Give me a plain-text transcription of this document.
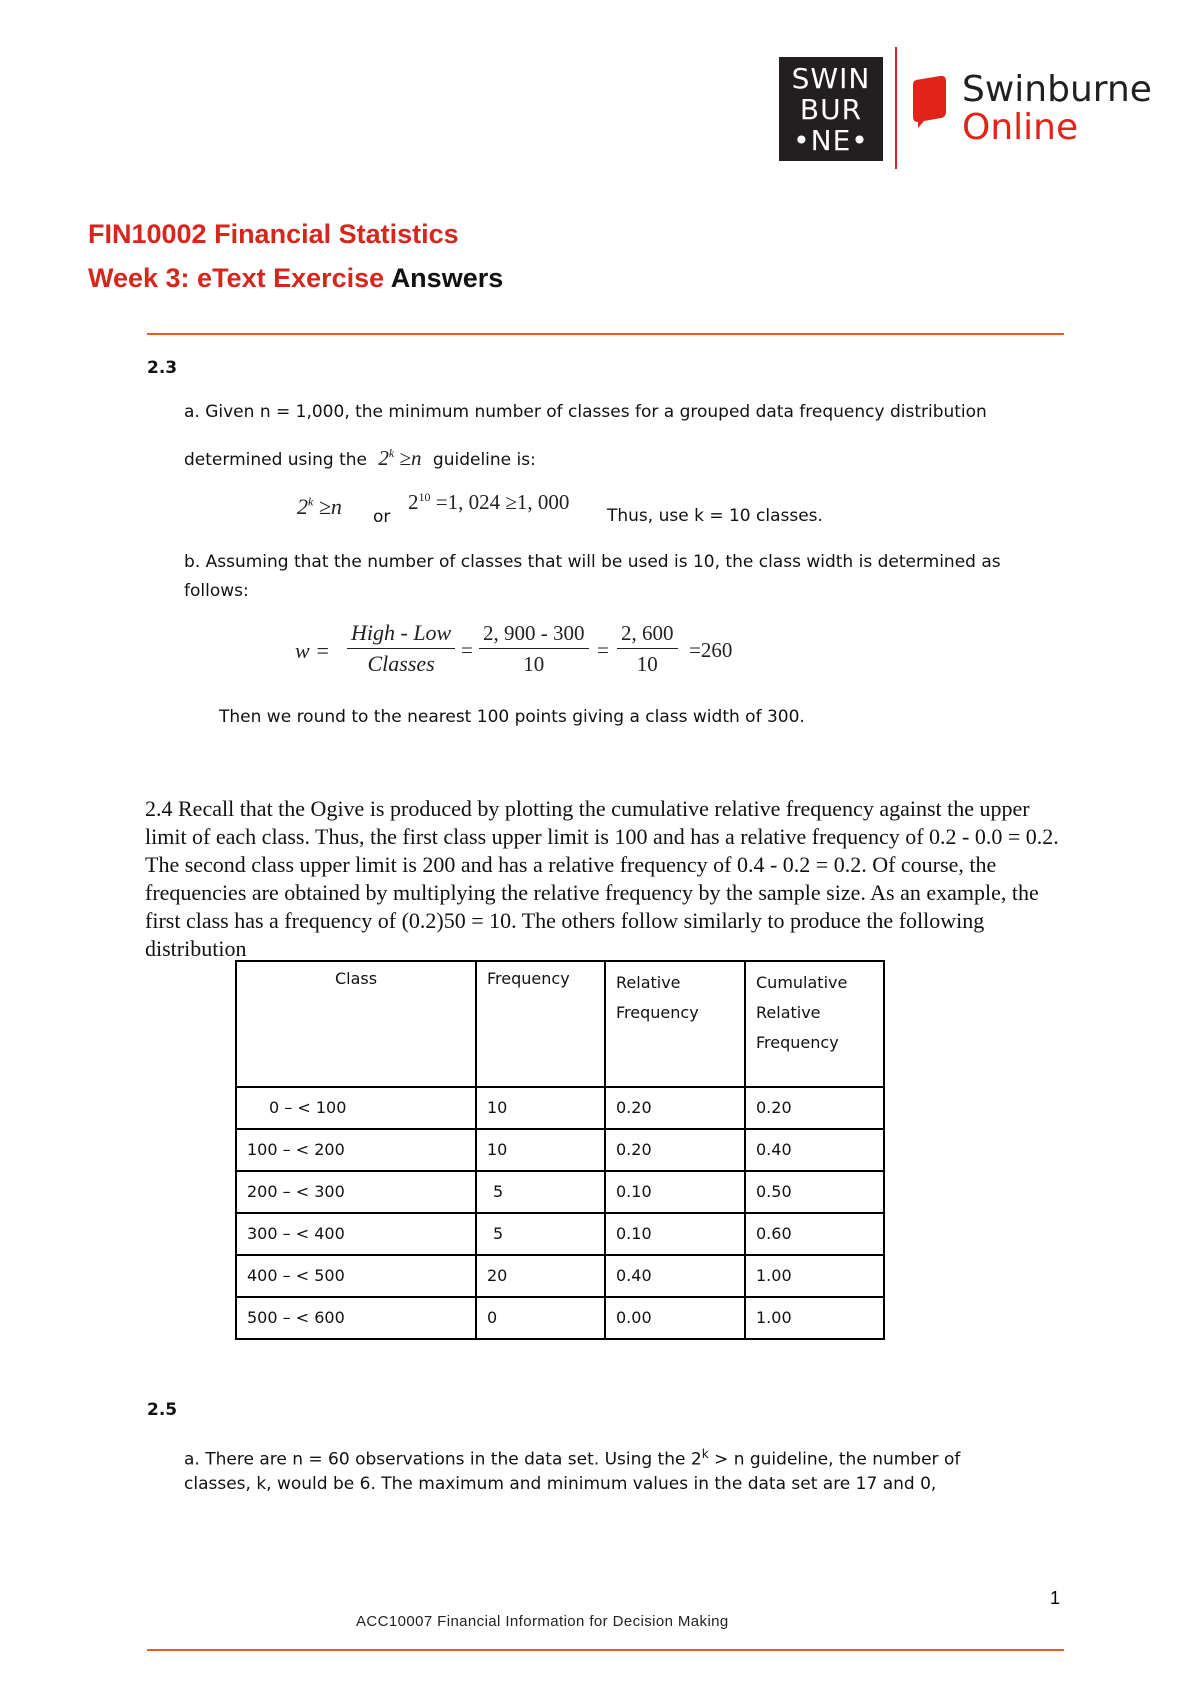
SWIN
BUR
•NE•
Swinburne
Online
FIN10002 Financial Statistics
Week 3: eText Exercise Answers
2.3
a. Given n = 1,000, the minimum number of classes for a grouped data frequency distribution
determined using the $2^k \ge n$ guideline is:
$2^k \ge n$ or
$2^{10} =1$, 024 ≥1, 000
Thus, use k = 10 classes.
b. Assuming that the number of classes that will be used is 10, the class width is determined as
follows:
w =
High - Low
Classes
= $\frac{2, 900 - 300}{10} = \frac{2, 600}{10} =260$
Then we round to the nearest 100 points giving a class width of 300.
2.4 Recall that the Ogive is produced by plotting the cumulative relative frequency against the upper limit of each class. Thus, the first class upper limit is 100 and has a relative frequency of 0.2 - 0.0 = 0.2. The second class upper limit is 200 and has a relative frequency of 0.4 - 0.2 = 0.2. Of course, the frequencies are obtained by multiplying the relative frequency by the sample size. As an example, the first class has a frequency of (0.2)50 = 10. The others follow similarly to produce the following distribution
Class	Frequency	Relative Frequency	Cumulative Relative Frequency
0 – < 100	10	0.20	0.20
100 – < 200	10	0.20	0.40
200 – < 300	5	0.10	0.50
300 – < 400	5	0.10	0.60
400 – < 500	20	0.40	1.00
500 – < 600	0	0.00	1.00
2.5
a. There are n = 60 observations in the data set. Using the $2^k > n$ guideline, the number of
classes, k, would be 6. The maximum and minimum values in the data set are 17 and 0,
1
ACC10007 Financial Information for Decision Making
